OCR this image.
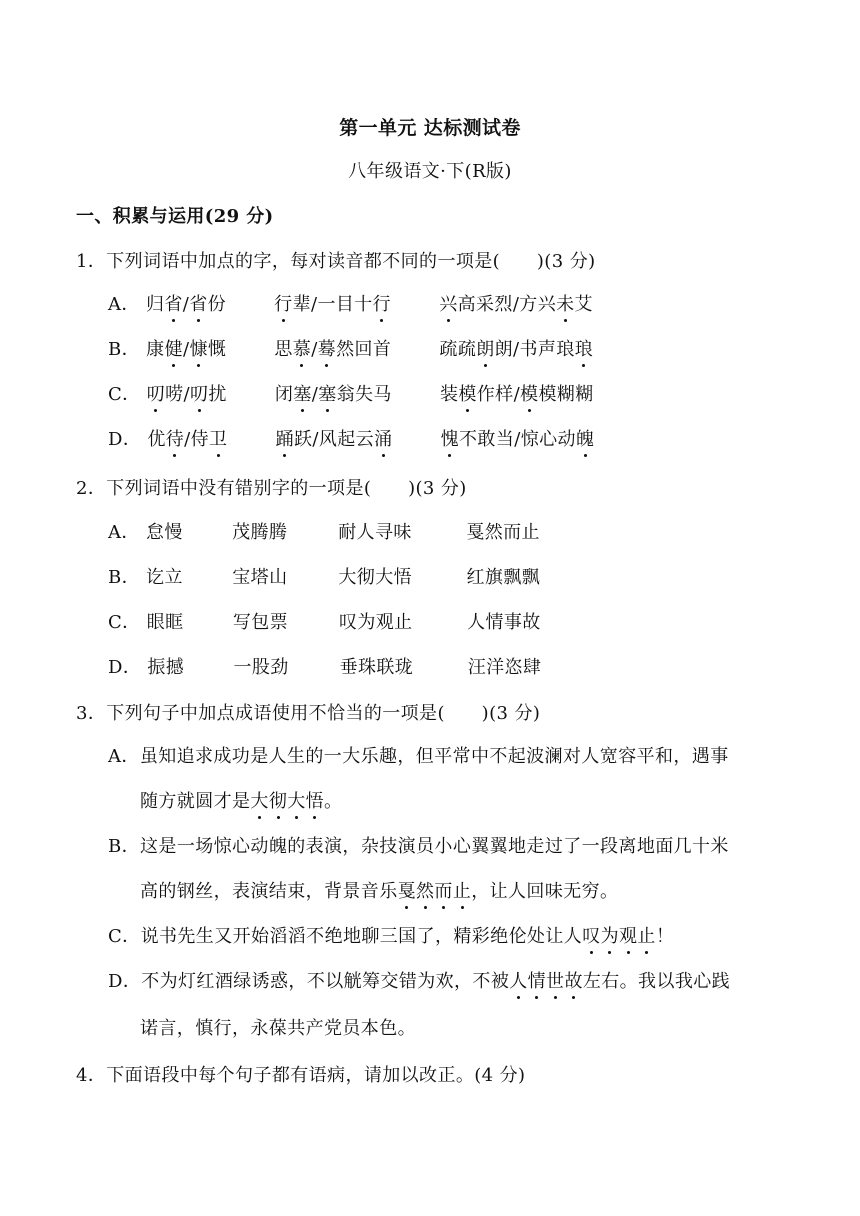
第一单元 达标测试卷
八年级语文·下(R版)
一、积累与运用(29 分)
1．下列词语中加点的字，每对读音都不同的一项是(　　)(3 分)
A． 归省/省份	行辈/一目十行	兴高采烈/方兴未艾
B． 康健/慷慨	思慕/蓦然回首	疏疏朗朗/书声琅琅
C． 叨唠/叨扰	闭塞/塞翁失马	装模作样/模模糊糊
D． 优待/侍卫	踊跃/风起云涌	愧不敢当/惊心动魄
2．下列词语中没有错别字的一项是(　　)(3 分)
A． 怠慢	茂腾腾	耐人寻味	戛然而止
B． 讫立	宝塔山	大彻大悟	红旗飘飘
C． 眼眶	写包票	叹为观止	人情事故
D． 振撼	一股劲	垂珠联珑	汪洋恣肆
3．下列句子中加点成语使用不恰当的一项是(　　)(3 分)
A．虽知追求成功是人生的一大乐趣，但平常中不起波澜对人宽容平和，遇事
随方就圆才是大彻大悟。
B．这是一场惊心动魄的表演，杂技演员小心翼翼地走过了一段离地面几十米
高的钢丝，表演结束，背景音乐戛然而止，让人回味无穷。
C．说书先生又开始滔滔不绝地聊三国了，精彩绝伦处让人叹为观止！
D．不为灯红酒绿诱惑，不以觥筹交错为欢，不被人情世故左右。我以我心践
诺言，慎行，永葆共产党员本色。
4．下面语段中每个句子都有语病，请加以改正。(4 分)
